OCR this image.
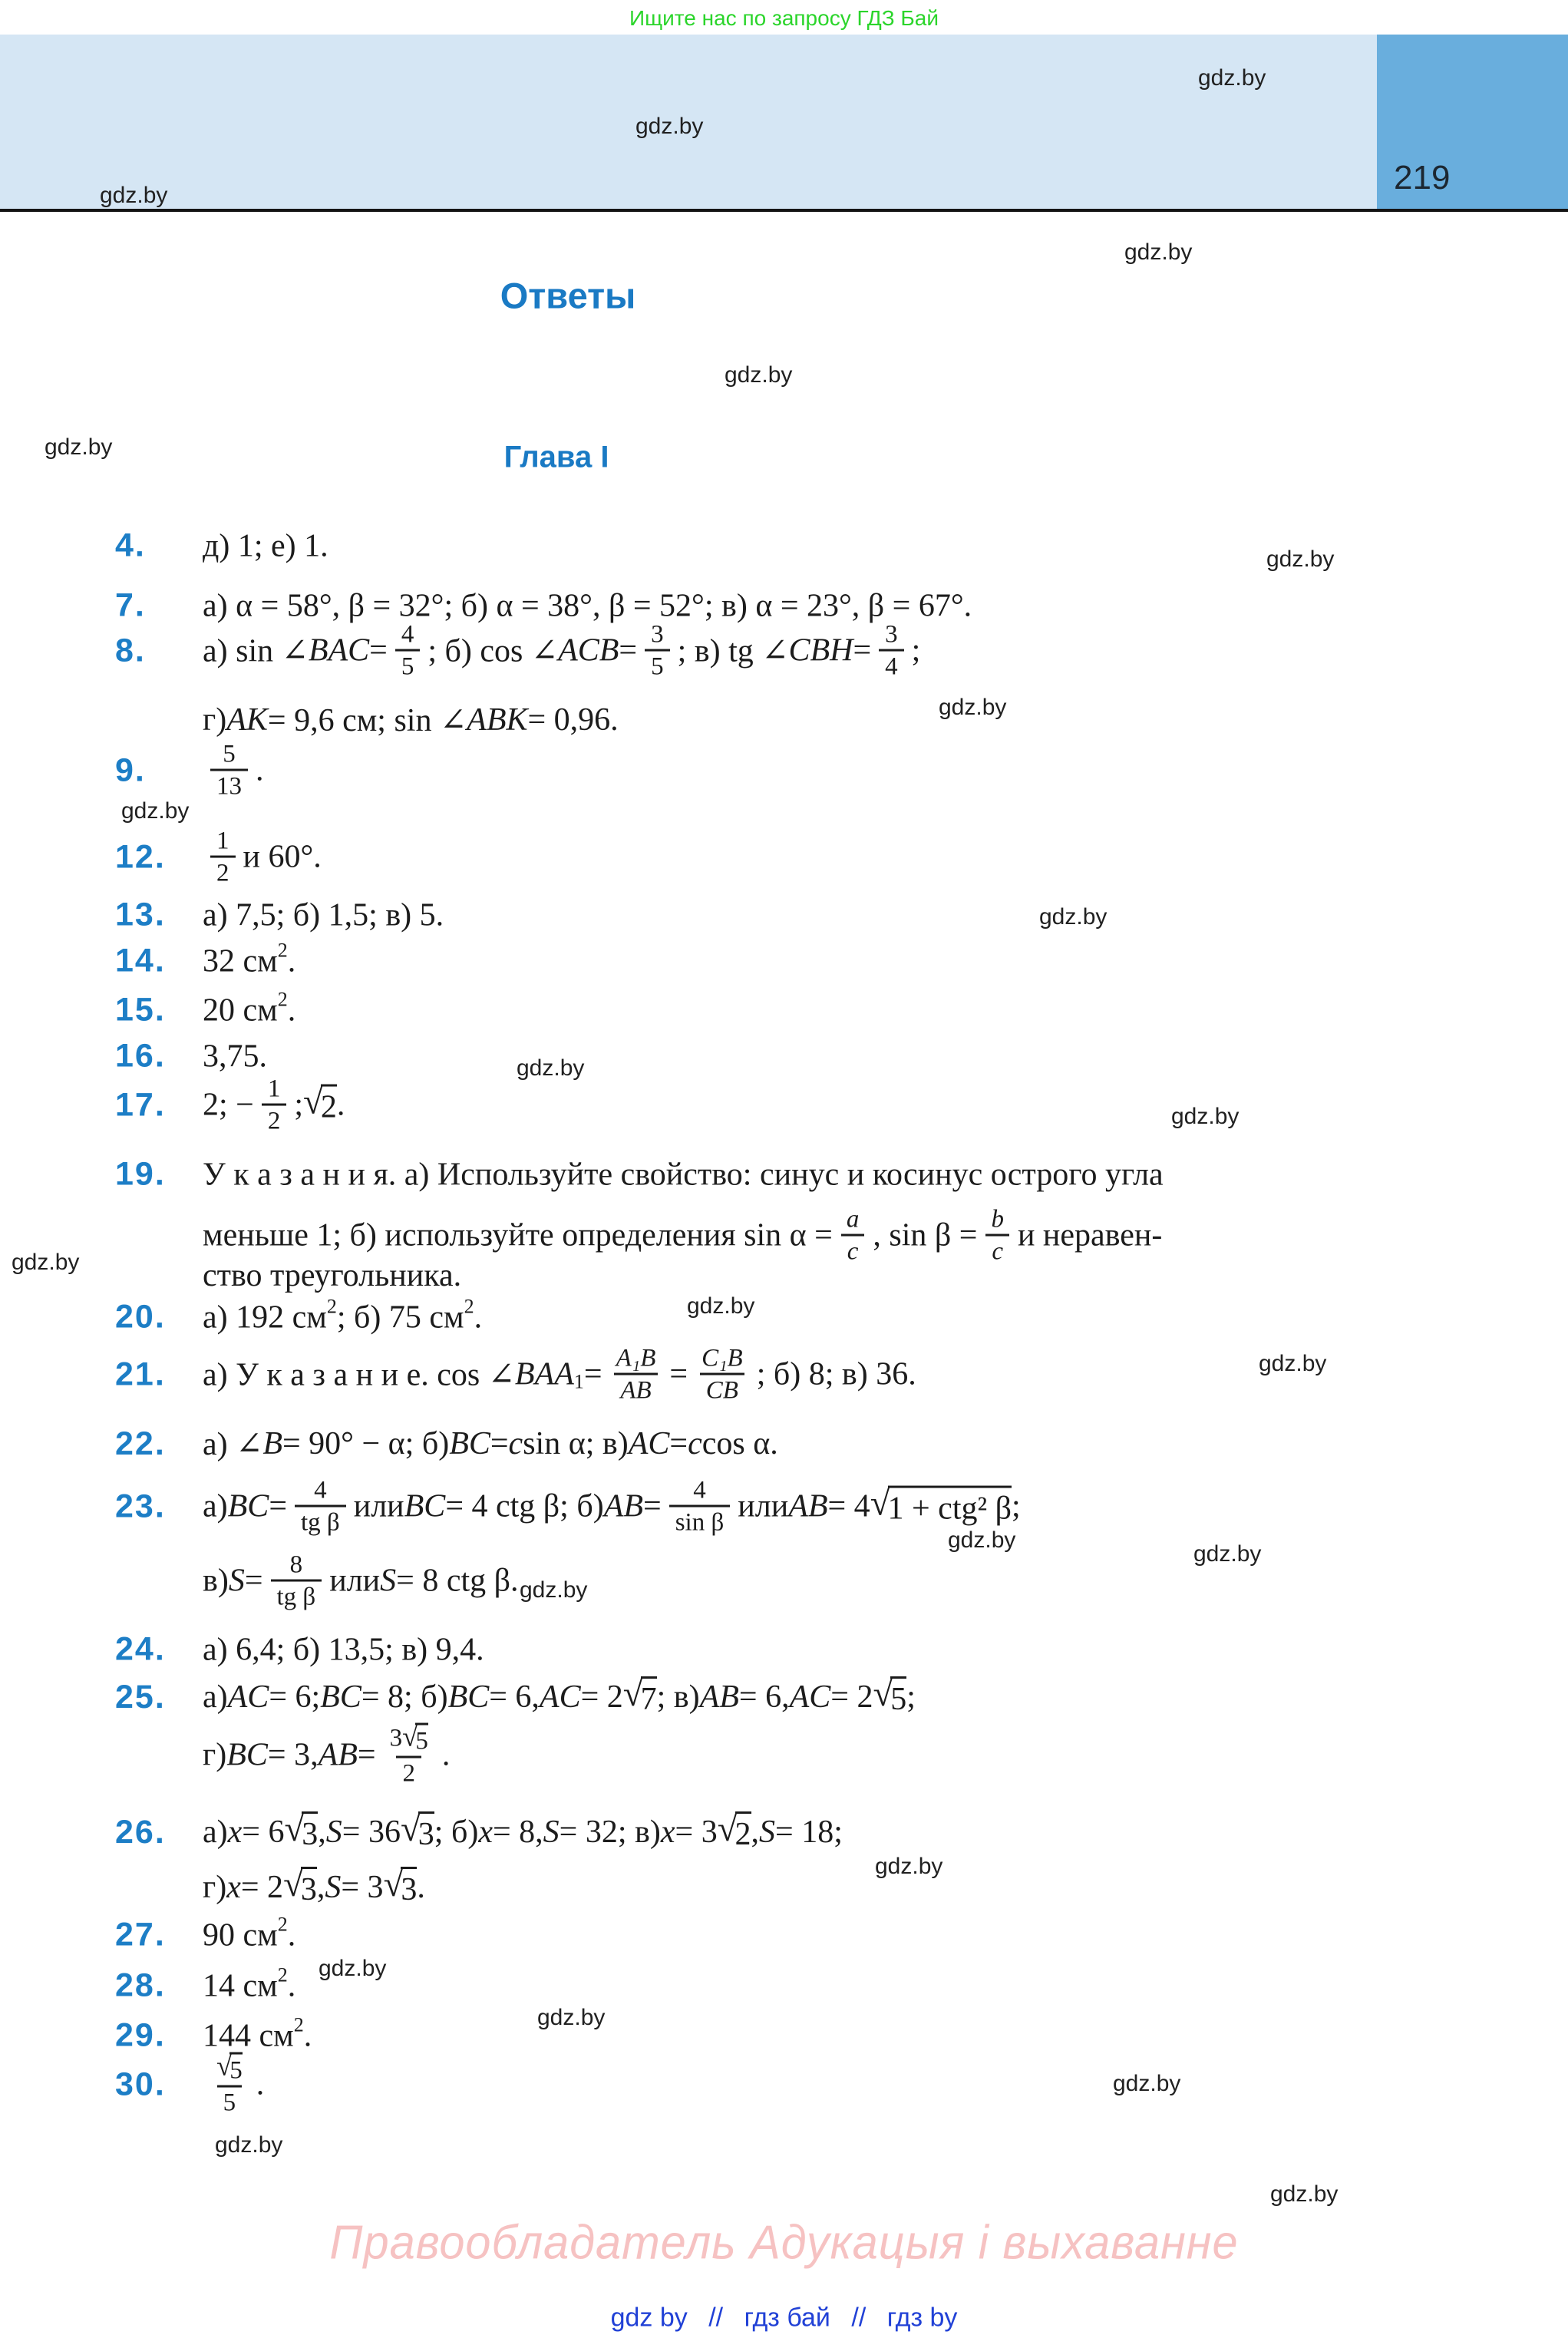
Ищите нас по запросу ГДЗ Бай
219
gdz.by
gdz.by
gdz.by
gdz.by
gdz.by
gdz.by
gdz.by
gdz.by
gdz.by
gdz.by
gdz.by
gdz.by
gdz.by
gdz.by
gdz.by
gdz.by
gdz.by
gdz.by
gdz.by
gdz.by
gdz.by
gdz.by
gdz.by
gdz.by
Ответы
Глава I
4.	д) 1; е) 1.
7.	а) α = 58°, β = 32°; б) α = 38°, β = 52°; в) α = 23°, β = 67°.
8.	а) sin ∠ BAC = $\frac{4}{5}$ ; б) cos ∠ ACB = $\frac{3}{5}$ ; в) tg ∠ CBH = $\frac{3}{4}$ ;
г) AK = 9,6 см; sin ∠ ABK = 0,96.
9.	$\frac{5}{13}$ .
12.	$\frac{1}{2}$ и 60°.
13.	а) 7,5; б) 1,5; в) 5.
14.	32 см 2 .
15.	20 см 2 .
16.	3,75.
17.	2; − $\frac{1}{2}$ ; √
2 .
19.	У к а з а н и я. а) Используйте свойство: синус и косинус острого угла
меньше 1; б) используйте определения $\sin \alpha = \frac{a}{c}$ , $\sin \beta = \frac{b}{c}$ и неравен-
ство треугольника.
20.	а) 192 см 2 ; б) 75 см 2 .
21.	а) У к а з а н и е. cos ∠ BAA $1 = \frac{\text{A₁B}}{AB} = \frac{\text{C₁B}}{CB}$ ; б) 8; в) 36.
22.	а) ∠ B = 90° − α; б) BC = c sin α; в) AC = c cos α.
23.	а) BC = $\frac{4}{\text{tg β}}$ или BC = 4 ctg β; б) AB = $\frac{4}{\text{sin β}}$ или AB = 4 √
1 + ctg² β ;
в) $S = \frac{8}{\text{tg β}}$ или S = 8 ctg β.
24.	а) 6,4; б) 13,5; в) 9,4.
25.	а) AC = 6; BC = 8; б) BC = 6, AC = 2 √
7 ; в) AB = 6, AC = 2 √
5 ;
г) BC = 3, AB = 3 √
5
2 .
26.	а) x = 6 √
3 , S = 36 √
3 ; б) x = 8, S = 32; в) x = 3 √
2 , S = 18;
г) x = 2 √
3 , S = 3 √
3 .
27.	90 см 2 .
28.	14 см 2 .
29.	144 см 2 .
30.	√
5
5 .
Правообладатель Адукацыя і выхаванне
gdz by // гдз бай // гдз by
